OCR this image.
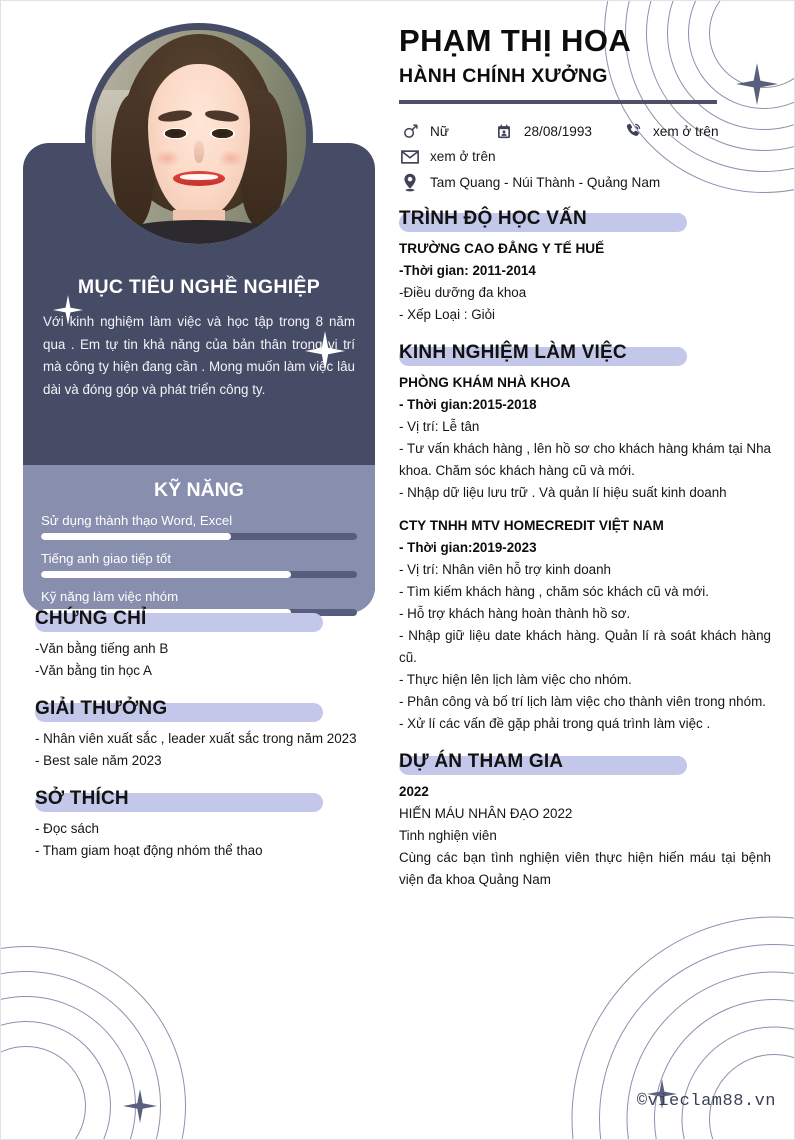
MỤC TIÊU NGHỀ NGHIỆP
Với kinh nghiệm làm việc và học tập trong 8 năm qua . Em tự tin khả năng của bản thân trong vị trí mà công ty hiện đang cần . Mong muốn làm việc lâu dài và đóng góp và phát triển công ty.
KỸ NĂNG
Sử dụng thành thạo Word, Excel
Tiếng anh giao tiếp tốt
Kỹ năng làm việc nhóm
CHỨNG CHỈ
-Văn bằng tiếng anh B
-Văn bằng tin học A
GIẢI THƯỞNG
- Nhân viên xuất sắc , leader xuất sắc trong năm 2023
- Best sale năm 2023
SỞ THÍCH
- Đọc sách
- Tham giam hoạt động nhóm thể thao
PHẠM THỊ HOA
HÀNH CHÍNH XƯỞNG
Nữ	28/08/1993	xem ở trên
xem ở trên
Tam Quang - Núi Thành - Quảng Nam
TRÌNH ĐỘ HỌC VẤN
TRƯỜNG CAO ĐẲNG Y TẾ HUẾ
-Thời gian: 2011-2014
-Điều dưỡng đa khoa
- Xếp Loại : Giỏi
KINH NGHIỆM LÀM VIỆC
PHÒNG KHÁM NHÀ KHOA
- Thời gian:2015-2018
- Vị trí: Lễ tân
- Tư vấn khách hàng , lên hồ sơ cho khách hàng khám tại Nha khoa. Chăm sóc khách hàng cũ và mới.
- Nhập dữ liệu lưu trữ . Và quản lí hiệu suất kinh doanh
CTY TNHH MTV HOMECREDIT VIỆT NAM
- Thời gian:2019-2023
- Vị trí: Nhân viên hỗ trợ kinh doanh
- Tìm kiếm khách hàng , chăm sóc khách cũ và mới.
- Hỗ trợ khách hàng hoàn thành hồ sơ.
- Nhập giữ liệu date khách hàng. Quản lí rà soát khách hàng cũ.
- Thực hiện lên lịch làm việc cho nhóm.
- Phân công và bố trí lịch làm việc cho thành viên trong nhóm.
- Xử lí các vấn đề gặp phải trong quá trình làm việc .
DỰ ÁN THAM GIA
2022
HIẾN MÁU NHÂN ĐẠO 2022
Tinh nghiện viên
Cùng các bạn tình nghiện viên thực hiện hiến máu tại bệnh viện đa khoa Quảng Nam
©vieclam88.vn
